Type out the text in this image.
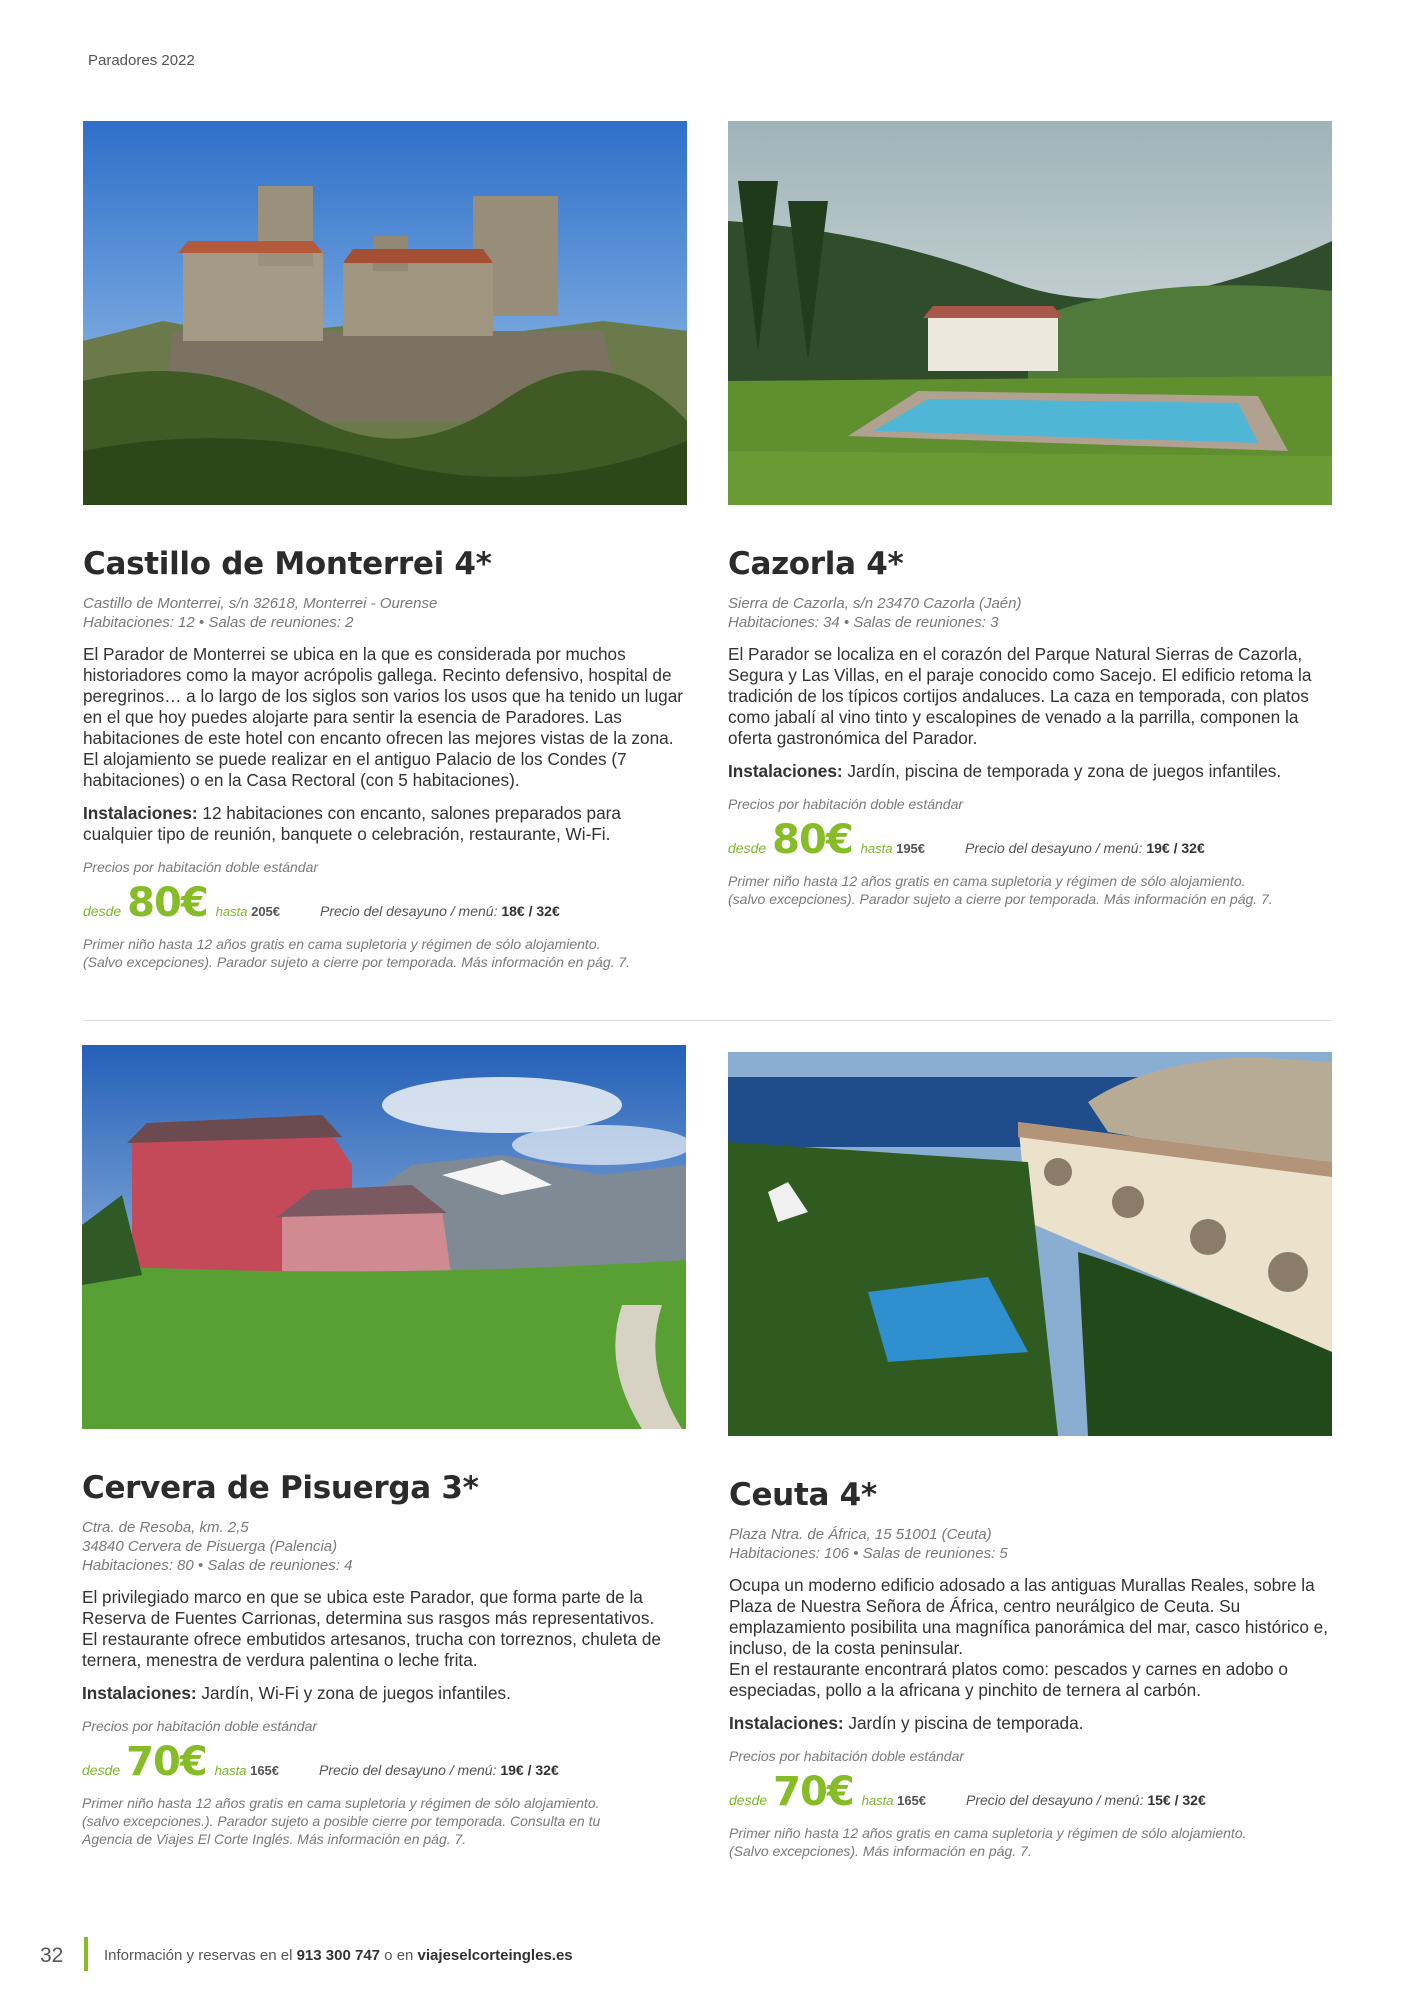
Paradores 2022
Castillo de Monterrei 4*
Castillo de Monterrei, s/n 32618, Monterrei - Ourense
Habitaciones: 12 • Salas de reuniones: 2

El Parador de Monterrei se ubica en la que es considerada por muchos historiadores como la mayor acrópolis gallega. Recinto defensivo, hospital de peregrinos… a lo largo de los siglos son varios los usos que ha tenido un lugar en el que hoy puedes alojarte para sentir la esencia de Paradores. Las habitaciones de este hotel con encanto ofrecen las mejores vistas de la zona. El alojamiento se puede realizar en el antiguo Palacio de los Condes (7 habitaciones) o en la Casa Rectoral (con 5 habitaciones).

Instalaciones: 12 habitaciones con encanto, salones preparados para cualquier tipo de reunión, banquete o celebración, restaurante, Wi-Fi.
Precios por habitación doble estándar
desde 80€ hasta 205€	Precio del desayuno / menú: 18€ / 32€
Primer niño hasta 12 años gratis en cama supletoria y régimen de sólo alojamiento.
(Salvo excepciones). Parador sujeto a cierre por temporada. Más información en pág. 7.
Cazorla 4*
Sierra de Cazorla, s/n 23470 Cazorla (Jaén)
Habitaciones: 34 • Salas de reuniones: 3

El Parador se localiza en el corazón del Parque Natural Sierras de Cazorla, Segura y Las Villas, en el paraje conocido como Sacejo. El edificio retoma la tradición de los típicos cortijos andaluces. La caza en temporada, con platos como jabalí al vino tinto y escalopines de venado a la parrilla, componen la oferta gastronómica del Parador.

Instalaciones: Jardín, piscina de temporada y zona de juegos infantiles.
Precios por habitación doble estándar
desde 80€ hasta 195€	Precio del desayuno / menú: 19€ / 32€
Primer niño hasta 12 años gratis en cama supletoria y régimen de sólo alojamiento.
(salvo excepciones). Parador sujeto a cierre por temporada. Más información en pág. 7.
Cervera de Pisuerga 3*
Ctra. de Resoba, km. 2,5
34840 Cervera de Pisuerga (Palencia)
Habitaciones: 80 • Salas de reuniones: 4

El privilegiado marco en que se ubica este Parador, que forma parte de la Reserva de Fuentes Carrionas, determina sus rasgos más representativos.

El restaurante ofrece embutidos artesanos, trucha con torreznos, chuleta de ternera, menestra de verdura palentina o leche frita.

Instalaciones: Jardín, Wi-Fi y zona de juegos infantiles.
Precios por habitación doble estándar
desde 70€ hasta 165€	Precio del desayuno / menú: 19€ / 32€
Primer niño hasta 12 años gratis en cama supletoria y régimen de sólo alojamiento.
(salvo excepciones.). Parador sujeto a posible cierre por temporada. Consulta en tu
Agencia de Viajes El Corte Inglés. Más información en pág. 7.
Ceuta 4*
Plaza Ntra. de África, 15 51001 (Ceuta)
Habitaciones: 106 • Salas de reuniones: 5

Ocupa un moderno edificio adosado a las antiguas Murallas Reales, sobre la Plaza de Nuestra Señora de África, centro neurálgico de Ceuta. Su emplazamiento posibilita una magnífica panorámica del mar, casco histórico e, incluso, de la costa peninsular.

En el restaurante encontrará platos como: pescados y carnes en adobo o especiadas, pollo a la africana y pinchito de ternera al carbón.

Instalaciones: Jardín y piscina de temporada.
Precios por habitación doble estándar
desde 70€ hasta 165€	Precio del desayuno / menú: 15€ / 32€
Primer niño hasta 12 años gratis en cama supletoria y régimen de sólo alojamiento.
(Salvo excepciones). Más información en pág. 7.
32	Información y reservas en el 913 300 747 o en viajeselcorteingles.es
